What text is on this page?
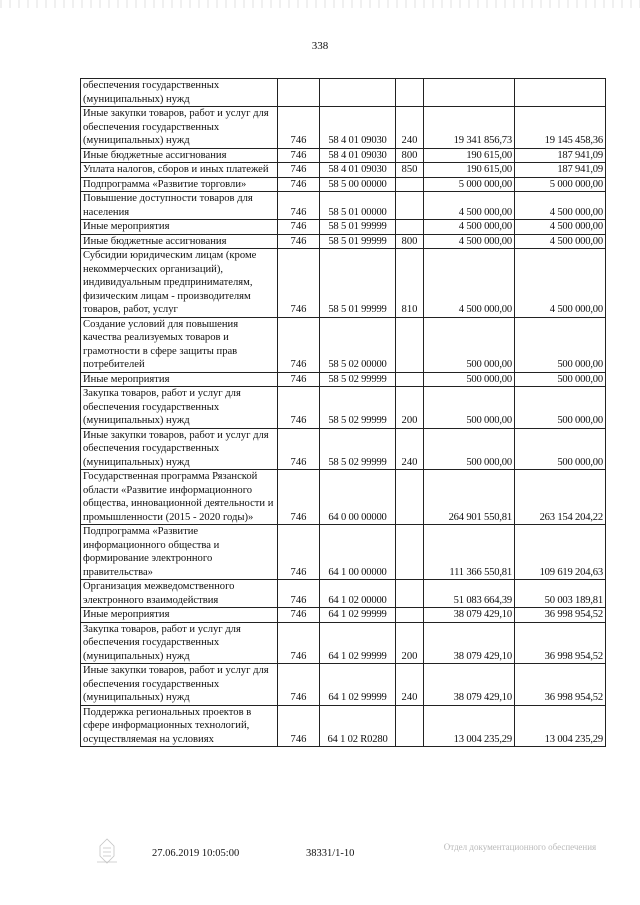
338
обеспечения государственных (муниципальных) нужд					
Иные закупки товаров, работ и услуг для обеспечения государственных (муниципальных) нужд	746	58 4 01 09030	240	19 341 856,73	19 145 458,36
Иные бюджетные ассигнования	746	58 4 01 09030	800	190 615,00	187 941,09
Уплата налогов, сборов и иных платежей	746	58 4 01 09030	850	190 615,00	187 941,09
Подпрограмма «Развитие торговли»	746	58 5 00 00000		5 000 000,00	5 000 000,00
Повышение доступности товаров для населения	746	58 5 01 00000		4 500 000,00	4 500 000,00
Иные мероприятия	746	58 5 01 99999		4 500 000,00	4 500 000,00
Иные бюджетные ассигнования	746	58 5 01 99999	800	4 500 000,00	4 500 000,00
Субсидии юридическим лицам (кроме некоммерческих организаций), индивидуальным предпринимателям, физическим лицам - производителям товаров, работ, услуг	746	58 5 01 99999	810	4 500 000,00	4 500 000,00
Создание условий для повышения качества реализуемых товаров и грамотности в сфере защиты прав потребителей	746	58 5 02 00000		500 000,00	500 000,00
Иные мероприятия	746	58 5 02 99999		500 000,00	500 000,00
Закупка товаров, работ и услуг для обеспечения государственных (муниципальных) нужд	746	58 5 02 99999	200	500 000,00	500 000,00
Иные закупки товаров, работ и услуг для обеспечения государственных (муниципальных) нужд	746	58 5 02 99999	240	500 000,00	500 000,00
Государственная программа Рязанской области «Развитие информационного общества, инновационной деятельности и промышленности (2015 - 2020 годы)»	746	64 0 00 00000		264 901 550,81	263 154 204,22
Подпрограмма «Развитие информационного общества и формирование электронного правительства»	746	64 1 00 00000		111 366 550,81	109 619 204,63
Организация межведомственного электронного взаимодействия	746	64 1 02 00000		51 083 664,39	50 003 189,81
Иные мероприятия	746	64 1 02 99999		38 079 429,10	36 998 954,52
Закупка товаров, работ и услуг для обеспечения государственных (муниципальных) нужд	746	64 1 02 99999	200	38 079 429,10	36 998 954,52
Иные закупки товаров, работ и услуг для обеспечения государственных (муниципальных) нужд	746	64 1 02 99999	240	38 079 429,10	36 998 954,52
Поддержка региональных проектов в сфере информационных технологий, осуществляемая на условиях	746	64 1 02 R0280		13 004 235,29	13 004 235,29
27.06.2019 10:05:00	38331/1-10
Отдел документационного обеспечения
